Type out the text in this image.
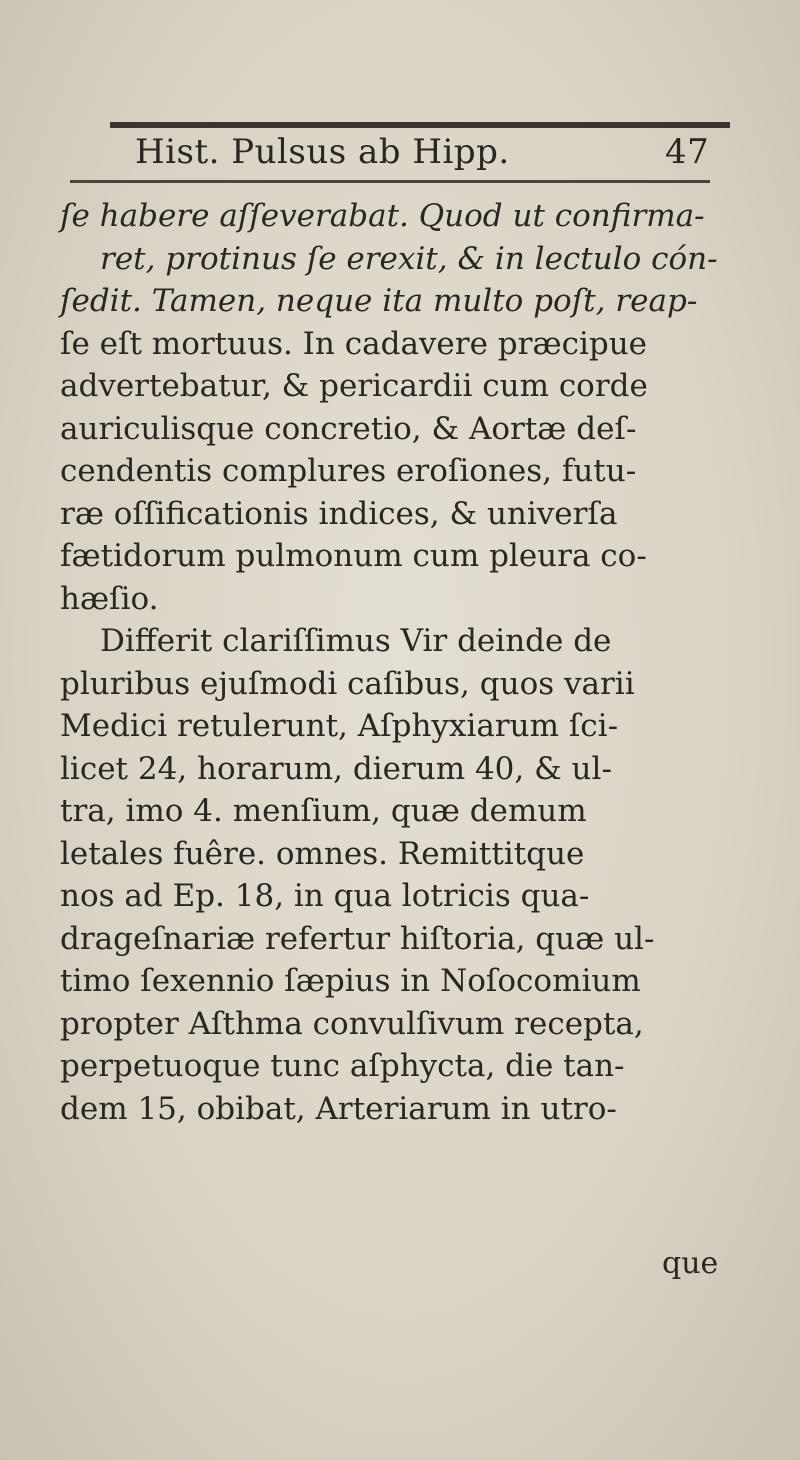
Hist. Pulsus ab Hipp.	47
ſe habere aſſeverabat. Quod ut confirma-
ret, protinus ſe erexit, & in lectulo cón-
ſedit. Tamen, neque ita multo poſt, reap-
ſe eſt mortuus. In cadavere præcipue
advertebatur, & pericardii cum corde
auriculisque concretio, & Aortæ deſ-
cendentis complures eroſiones, futu-
ræ oſſificationis indices, & univerſa
fætidorum pulmonum cum pleura co-
hæſio.
Differit clariſſimus Vir deinde de
pluribus ejuſmodi caſibus, quos varii
Medici retulerunt, Aſphyxiarum ſci-
licet 24, horarum, dierum 40, & ul-
tra, imo 4. menſium, quæ demum
letales fuêre. omnes. Remittitque
nos ad Ep. 18, in qua lotricis qua-
drageſnariæ refertur hiſtoria, quæ ul-
timo ſexennio ſæpius in Noſocomium
propter Aſthma convulſivum recepta,
perpetuoque tunc aſphycta, die tan-
dem 15, obibat, Arteriarum in utro-
que
